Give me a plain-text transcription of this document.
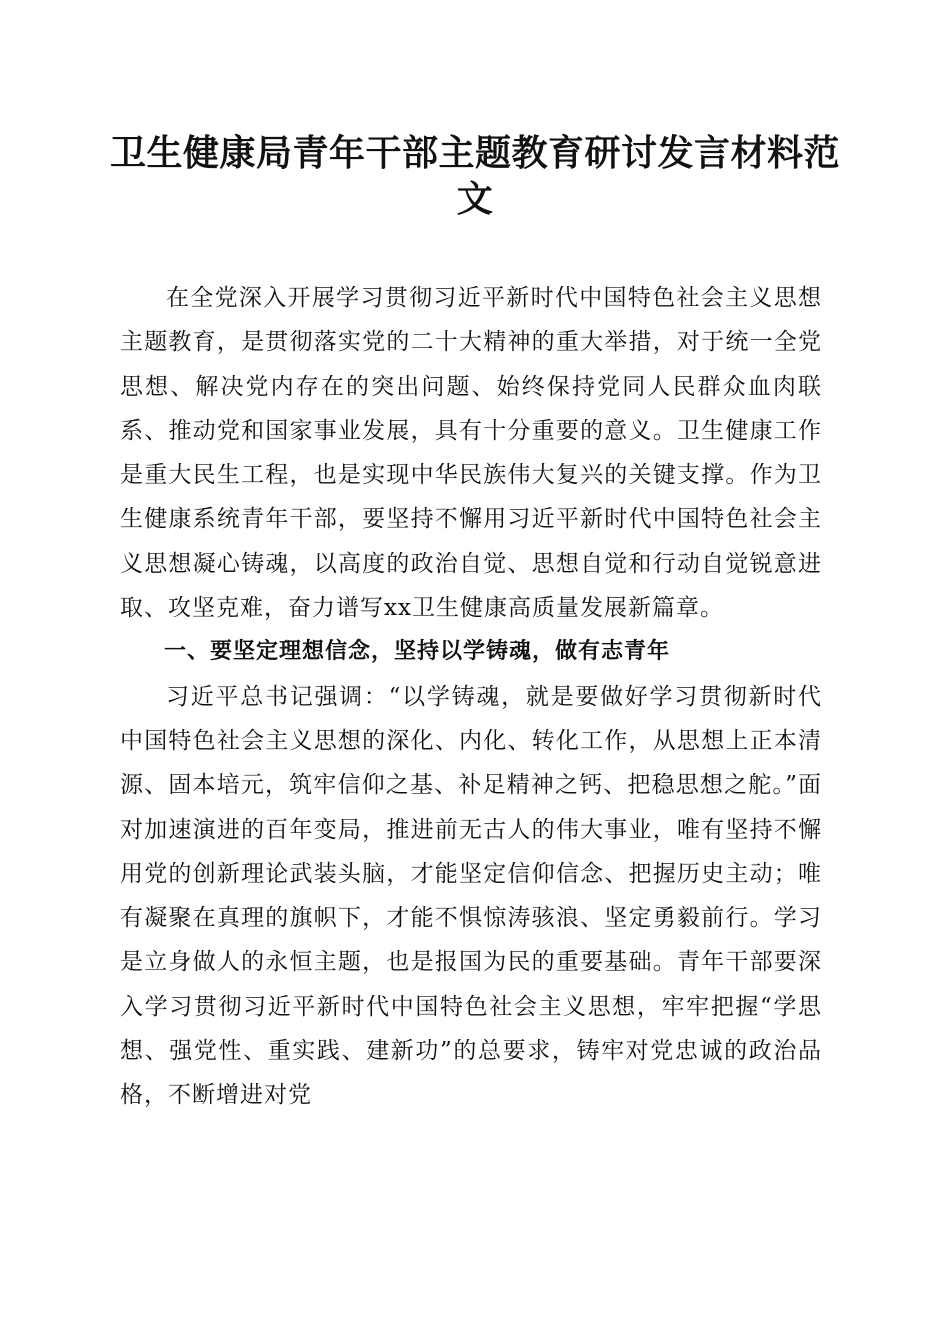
卫生健康局青年干部主题教育研讨发言材料范文

在全党深入开展学习贯彻习近平新时代中国特色社会主义思想主题教育，是贯彻落实党的二十大精神的重大举措，对于统一全党思想、解决党内存在的突出问题、始终保持党同人民群众血肉联系、推动党和国家事业发展，具有十分重要的意义。卫生健康工作是重大民生工程，也是实现中华民族伟大复兴的关键支撑。作为卫生健康系统青年干部，要坚持不懈用习近平新时代中国特色社会主义思想凝心铸魂，以高度的政治自觉、思想自觉和行动自觉锐意进取、攻坚克难，奋力谱写xx卫生健康高质量发展新篇章。

一、要坚定理想信念，坚持以学铸魂，做有志青年

习近平总书记强调：“以学铸魂，就是要做好学习贯彻新时代中国特色社会主义思想的深化、内化、转化工作，从思想上正本清源、固本培元，筑牢信仰之基、补足精神之钙、把稳思想之舵。”面对加速演进的百年变局，推进前无古人的伟大事业，唯有坚持不懈用党的创新理论武装头脑，才能坚定信仰信念、把握历史主动；唯有凝聚在真理的旗帜下，才能不惧惊涛骇浪、坚定勇毅前行。学习是立身做人的永恒主题，也是报国为民的重要基础。青年干部要深入学习贯彻习近平新时代中国特色社会主义思想，牢牢把握“学思想、强党性、重实践、建新功”的总要求，铸牢对党忠诚的政治品格，不断增进对党
